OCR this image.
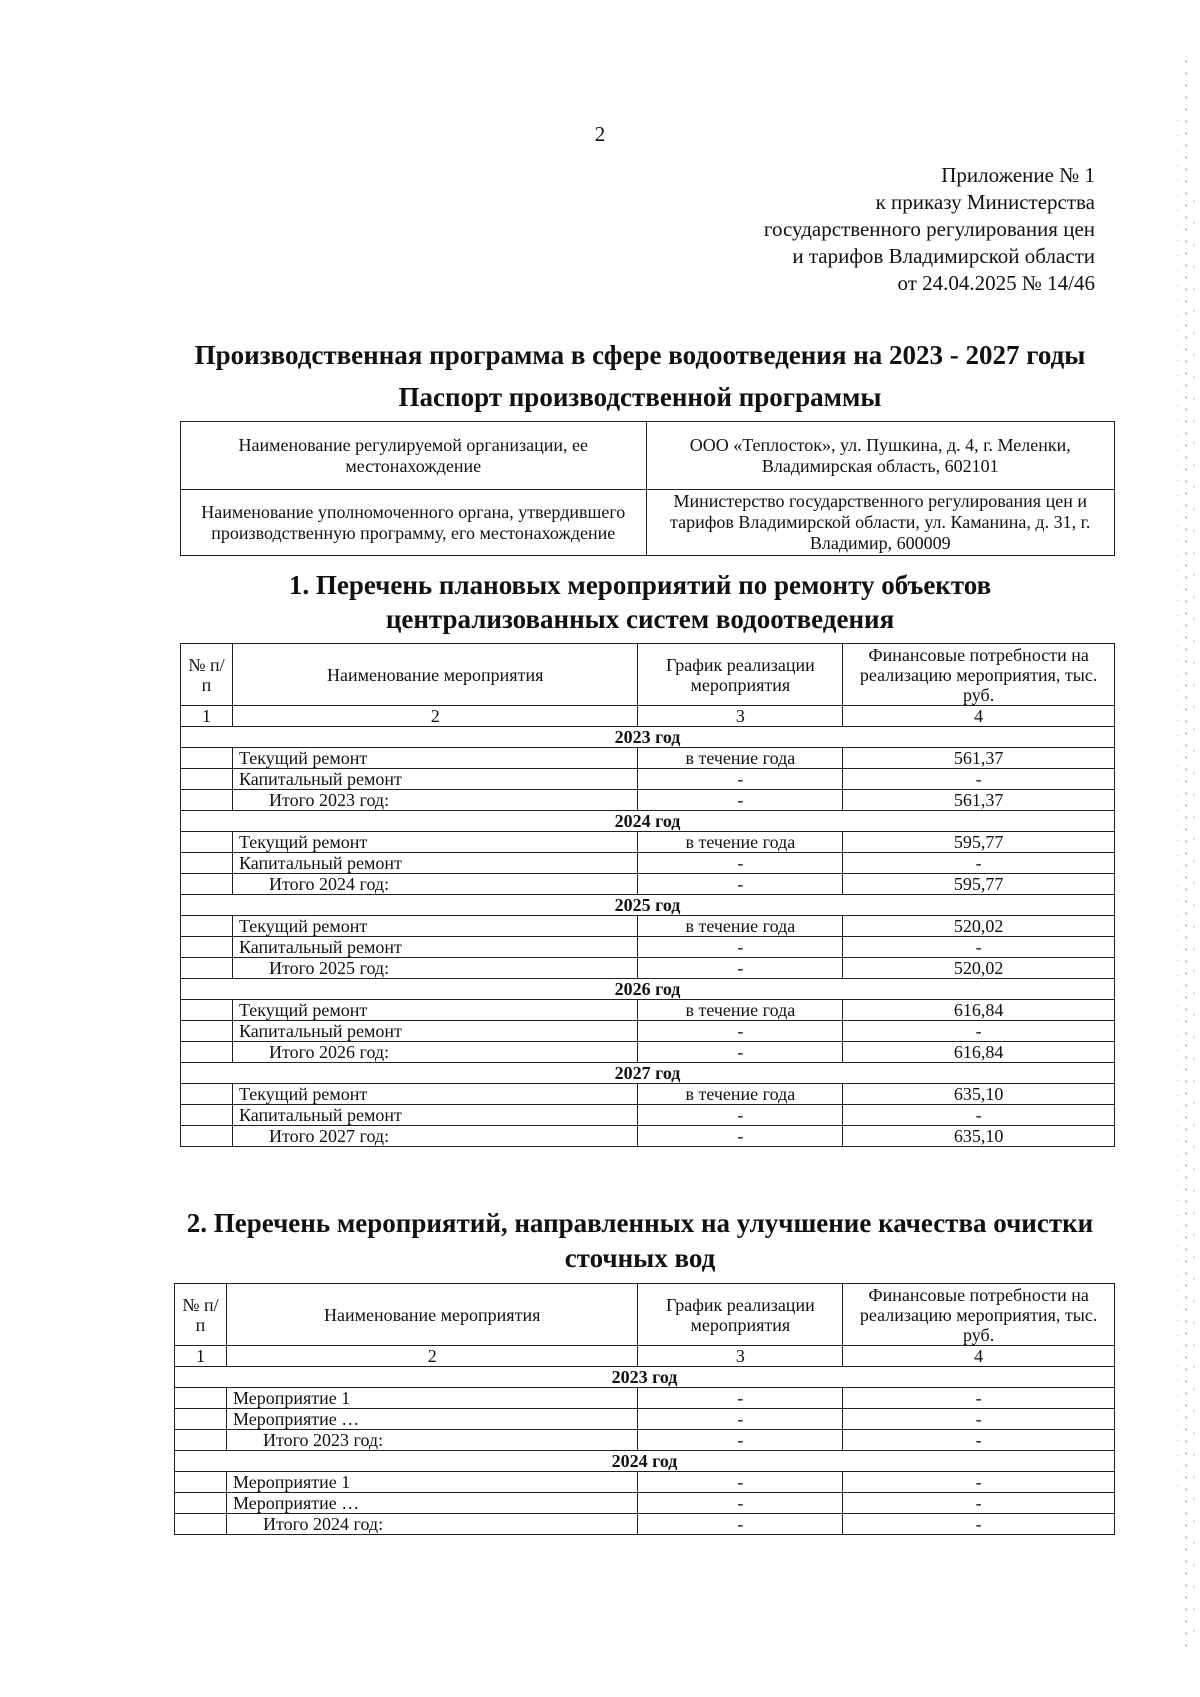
2
Приложение № 1
к приказу Министерства
государственного регулирования цен
и тарифов Владимирской области
от 24.04.2025 № 14/46
Производственная программа в сфере водоотведения на 2023 - 2027 годы
Паспорт производственной программы
Наименование регулируемой организации, ее местонахождение	ООО «Теплосток», ул. Пушкина, д. 4, г. Меленки, Владимирская область, 602101
Наименование уполномоченного органа, утвердившего производственную программу, его местонахождение	Министерство государственного регулирования цен и тарифов Владимирской области, ул. Каманина, д. 31, г. Владимир, 600009
1. Перечень плановых мероприятий по ремонту объектов
централизованных систем водоотведения
№ п/п	Наименование мероприятия	График реализации мероприятия	Финансовые потребности на реализацию мероприятия, тыс. руб.
1	2	3	4
2023 год			
	Текущий ремонт	в течение года	561,37
	Капитальный ремонт	-	-
	Итого 2023 год:	-	561,37
2024 год			
	Текущий ремонт	в течение года	595,77
	Капитальный ремонт	-	-
	Итого 2024 год:	-	595,77
2025 год			
	Текущий ремонт	в течение года	520,02
	Капитальный ремонт	-	-
	Итого 2025 год:	-	520,02
2026 год			
	Текущий ремонт	в течение года	616,84
	Капитальный ремонт	-	-
	Итого 2026 год:	-	616,84
2027 год			
	Текущий ремонт	в течение года	635,10
	Капитальный ремонт	-	-
	Итого 2027 год:	-	635,10
2. Перечень мероприятий, направленных на улучшение качества очистки
сточных вод
№ п/п	Наименование мероприятия	График реализации мероприятия	Финансовые потребности на реализацию мероприятия, тыс. руб.
1	2	3	4
2023 год			
	Мероприятие 1	-	-
	Мероприятие …	-	-
	Итого 2023 год:	-	-
2024 год			
	Мероприятие 1	-	-
	Мероприятие …	-	-
	Итого 2024 год:	-	-
